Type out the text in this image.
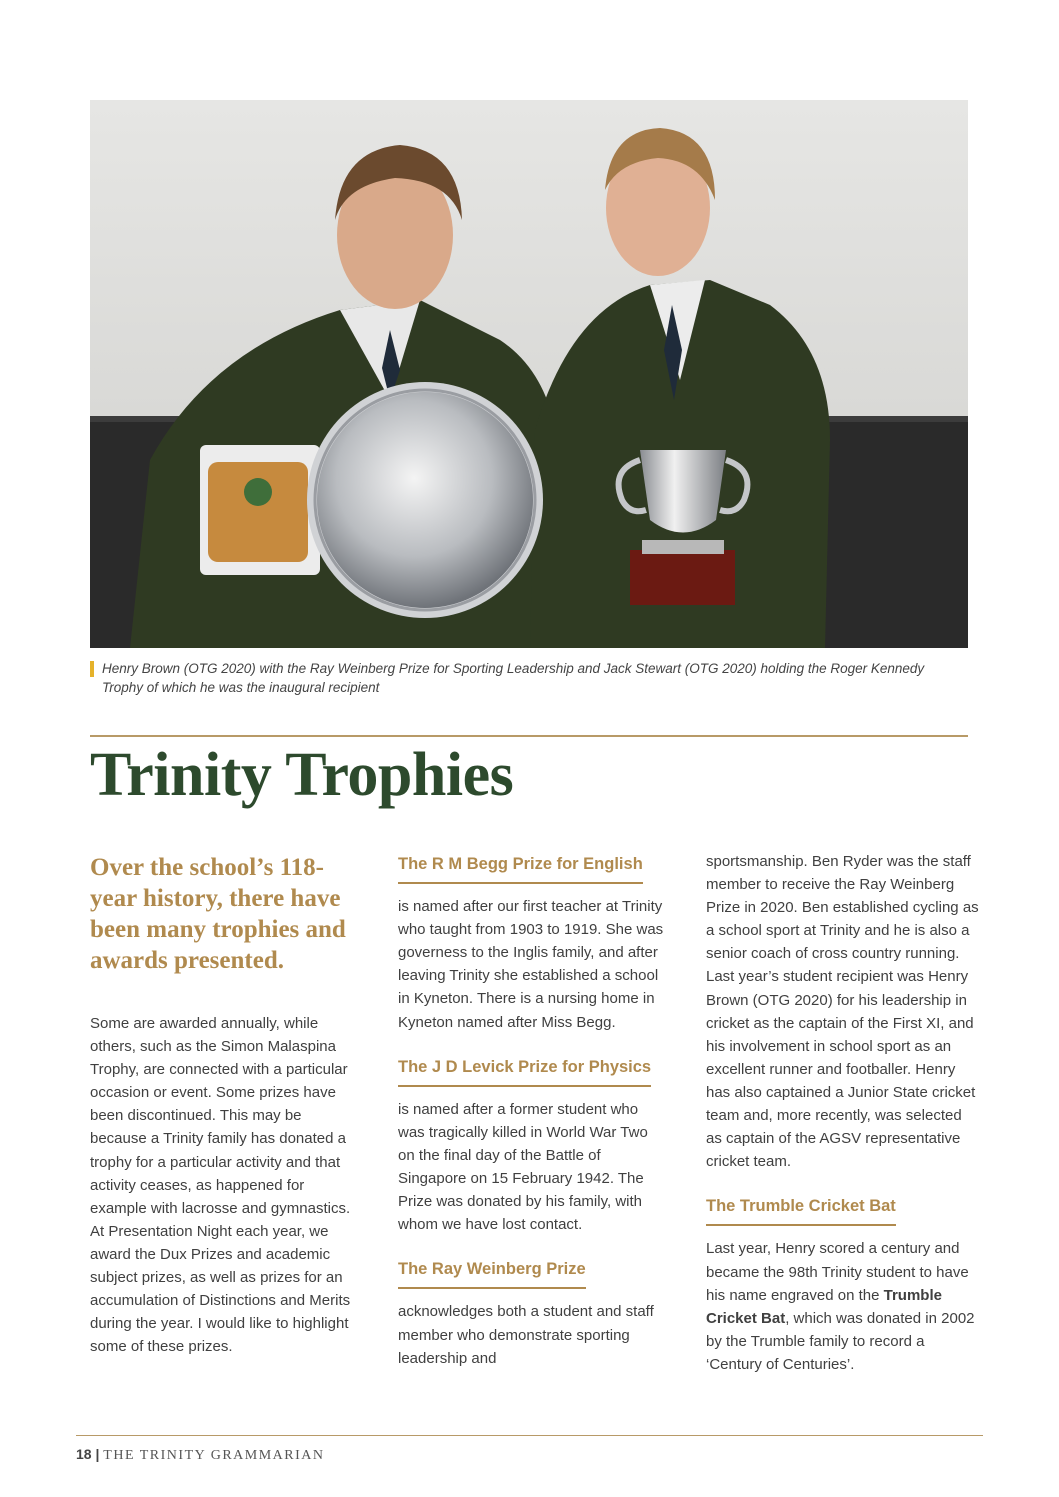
Henry Brown (OTG 2020) with the Ray Weinberg Prize for Sporting Leadership and Jack Stewart (OTG 2020) holding the Roger Kennedy Trophy of which he was the inaugural recipient
Trinity Trophies

Over the school’s 118-year history, there have been many trophies and awards presented.

Some are awarded annually, while others, such as the Simon Malaspina Trophy, are connected with a particular occasion or event. Some prizes have been discontinued. This may be because a Trinity family has donated a trophy for a particular activity and that activity ceases, as happened for example with lacrosse and gymnastics. At Presentation Night each year, we award the Dux Prizes and academic subject prizes, as well as prizes for an accumulation of Distinctions and Merits during the year. I would like to highlight some of these prizes.

The R M Begg Prize for English

is named after our first teacher at Trinity who taught from 1903 to 1919. She was governess to the Inglis family, and after leaving Trinity she established a school in Kyneton. There is a nursing home in Kyneton named after Miss Begg.

The J D Levick Prize for Physics

is named after a former student who was tragically killed in World War Two on the final day of the Battle of Singapore on 15 February 1942. The Prize was donated by his family, with whom we have lost contact.

The Ray Weinberg Prize

acknowledges both a student and staff member who demonstrate sporting leadership and

sportsmanship. Ben Ryder was the staff member to receive the Ray Weinberg Prize in 2020. Ben established cycling as a school sport at Trinity and he is also a senior coach of cross country running. Last year’s student recipient was Henry Brown (OTG 2020) for his leadership in cricket as the captain of the First XI, and his involvement in school sport as an excellent runner and footballer. Henry has also captained a Junior State cricket team and, more recently, was selected as captain of the AGSV representative cricket team.

The Trumble Cricket Bat

Last year, Henry scored a century and became the 98th Trinity student to have his name engraved on the Trumble Cricket Bat, which was donated in 2002 by the Trumble family to record a ‘Century of Centuries’.

18 | THE TRINITY GRAMMARIAN
